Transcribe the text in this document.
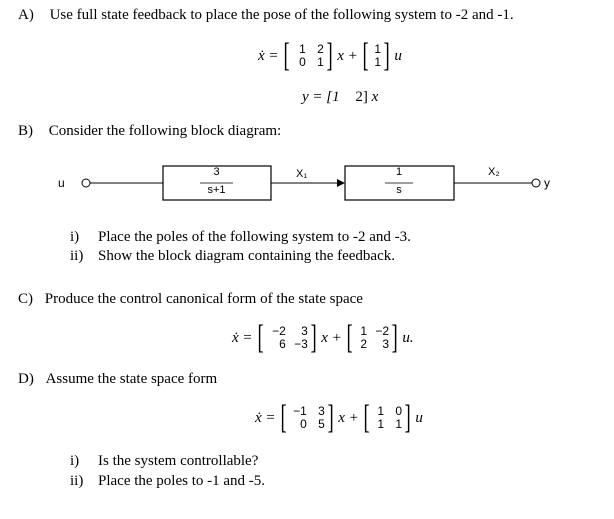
A) Use full state feedback to place the pose of the following system to -2 and -1.
ẋ = [ 1 2
0 1 ] x + [ 1
1 ] u
y = [1 2] x
B) Consider the following block diagram:
u
3
s+1
X₁	1
s
X₂
y
i) Place the poles of the following system to -2 and -3.
ii) Show the block diagram containing the feedback.
C) Produce the control canonical form of the state space
ẋ = [ −2	3
6 −3 ] x + [ 1 −2
2	3 ] u.
D) Assume the state space form
ẋ = [ −1 3
0 5 ] x + [ 1 0
1 1 ] u
i) Is the system controllable?
ii) Place the poles to -1 and -5.
